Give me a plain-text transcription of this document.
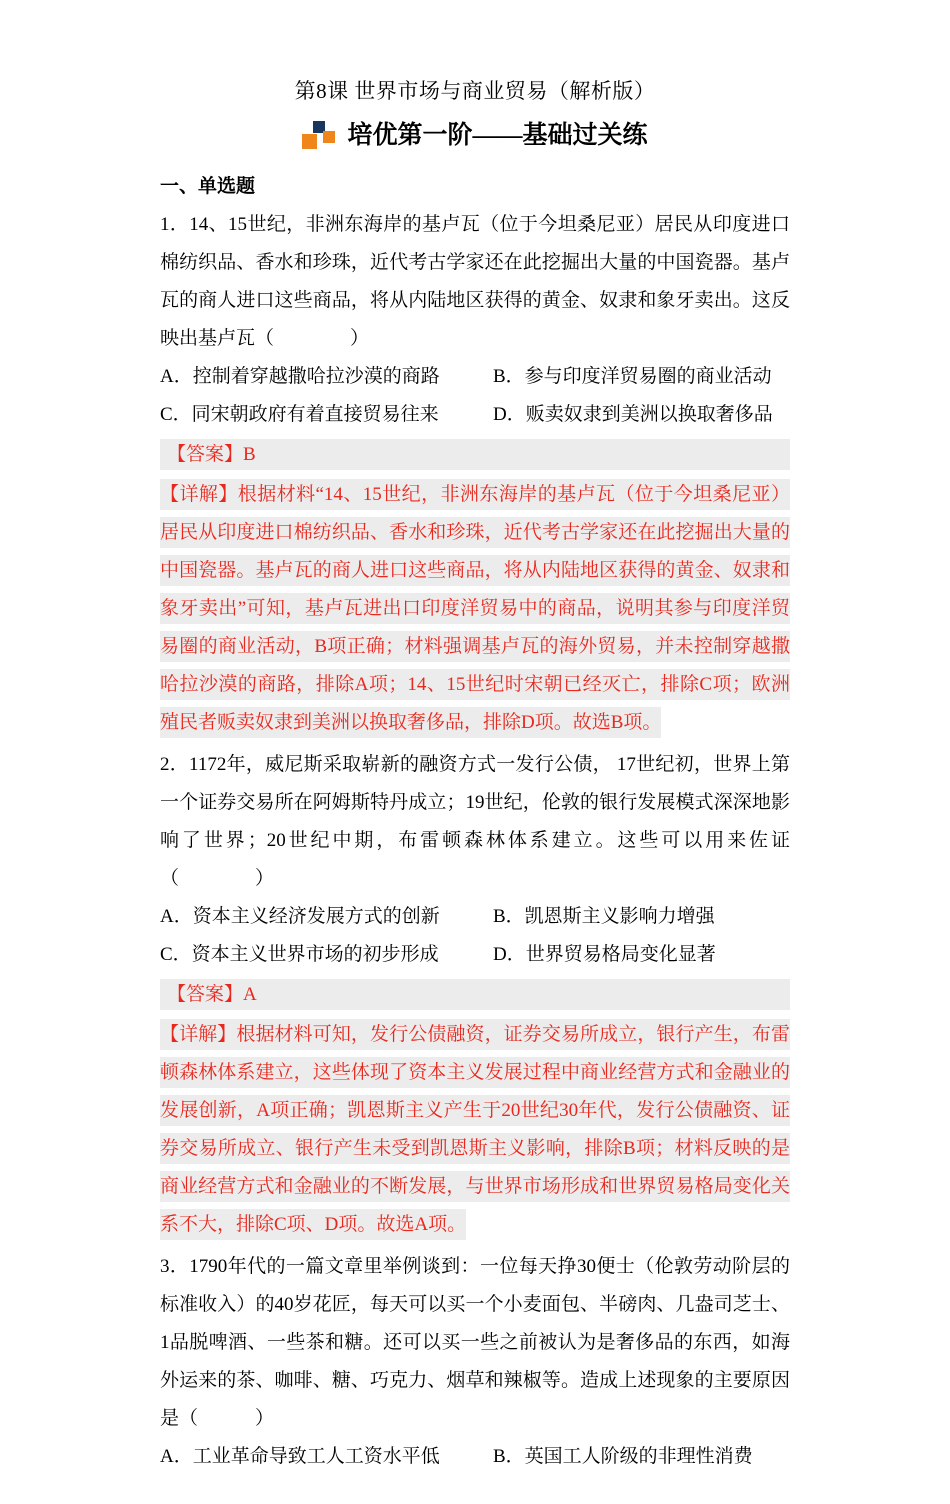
第8课 世界市场与商业贸易（解析版）
培优第一阶——基础过关练
一、单选题

1．14、15世纪，非洲东海岸的基卢瓦（位于今坦桑尼亚）居民从印度进口棉纺织品、香水和珍珠，近代考古学家还在此挖掘出大量的中国瓷器。基卢瓦的商人进口这些商品，将从内陆地区获得的黄金、奴隶和象牙卖出。这反映出基卢瓦（　　　　）

A．控制着穿越撒哈拉沙漠的商路	B．参与印度洋贸易圈的商业活动
C．同宋朝政府有着直接贸易往来	D．贩卖奴隶到美洲以换取奢侈品
【答案】B

【详解】根据材料“14、15世纪，非洲东海岸的基卢瓦（位于今坦桑尼亚）居民从印度进口棉纺织品、香水和珍珠，近代考古学家还在此挖掘出大量的中国瓷器。基卢瓦的商人进口这些商品，将从内陆地区获得的黄金、奴隶和象牙卖出”可知，基卢瓦进出口印度洋贸易中的商品，说明其参与印度洋贸易圈的商业活动，B项正确；材料强调基卢瓦的海外贸易，并未控制穿越撒哈拉沙漠的商路，排除A项；14、15世纪时宋朝已经灭亡，排除C项；欧洲殖民者贩卖奴隶到美洲以换取奢侈品，排除D项。故选B项。

2．1172年，威尼斯采取崭新的融资方式一发行公债， 17世纪初，世界上第一个证券交易所在阿姆斯特丹成立；19世纪，伦敦的银行发展模式深深地影响了世界；20世纪中期，布雷顿森林体系建立。这些可以用来佐证（　　　　）

A．资本主义经济发展方式的创新	B．凯恩斯主义影响力增强
C．资本主义世界市场的初步形成	D．世界贸易格局变化显著
【答案】A

【详解】根据材料可知，发行公债融资，证券交易所成立，银行产生，布雷顿森林体系建立，这些体现了资本主义发展过程中商业经营方式和金融业的发展创新，A项正确；凯恩斯主义产生于20世纪30年代，发行公债融资、证券交易所成立、银行产生未受到凯恩斯主义影响，排除B项；材料反映的是商业经营方式和金融业的不断发展，与世界市场形成和世界贸易格局变化关系不大，排除C项、D项。故选A项。

3．1790年代的一篇文章里举例谈到：一位每天挣30便士（伦敦劳动阶层的标准收入）的40岁花匠，每天可以买一个小麦面包、半磅肉、几盎司芝士、1品脱啤酒、一些茶和糖。还可以买一些之前被认为是奢侈品的东西，如海外运来的茶、咖啡、糖、巧克力、烟草和辣椒等。造成上述现象的主要原因是（　　　）

A．工业革命导致工人工资水平低	B．英国工人阶级的非理性消费
